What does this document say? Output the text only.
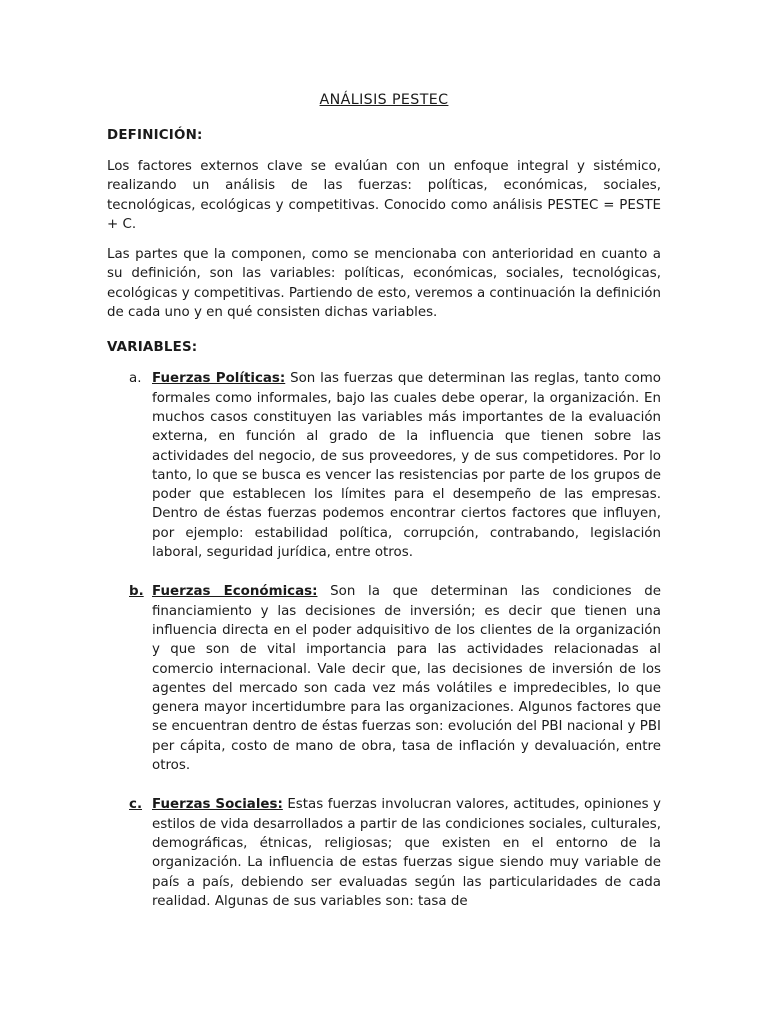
ANÁLISIS PESTEC
DEFINICIÓN:

Los factores externos clave se evalúan con un enfoque integral y sistémico, realizando un análisis de las fuerzas: políticas, económicas, sociales, tecnológicas, ecológicas y competitivas. Conocido como análisis PESTEC = PESTE + C.

Las partes que la componen, como se mencionaba con anterioridad en cuanto a su definición, son las variables: políticas, económicas, sociales, tecnológicas, ecológicas y competitivas. Partiendo de esto, veremos a continuación la definición de cada uno y en qué consisten dichas variables.

VARIABLES:
a. Fuerzas Políticas: Son las fuerzas que determinan las reglas, tanto como formales como informales, bajo las cuales debe operar, la organización. En muchos casos constituyen las variables más importantes de la evaluación externa, en función al grado de la influencia que tienen sobre las actividades del negocio, de sus proveedores, y de sus competidores. Por lo tanto, lo que se busca es vencer las resistencias por parte de los grupos de poder que establecen los límites para el desempeño de las empresas. Dentro de éstas fuerzas podemos encontrar ciertos factores que influyen, por ejemplo: estabilidad política, corrupción, contrabando, legislación laboral, seguridad jurídica, entre otros.
b. Fuerzas Económicas: Son la que determinan las condiciones de financiamiento y las decisiones de inversión; es decir que tienen una influencia directa en el poder adquisitivo de los clientes de la organización y que son de vital importancia para las actividades relacionadas al comercio internacional. Vale decir que, las decisiones de inversión de los agentes del mercado son cada vez más volátiles e impredecibles, lo que genera mayor incertidumbre para las organizaciones. Algunos factores que se encuentran dentro de éstas fuerzas son: evolución del PBI nacional y PBI per cápita, costo de mano de obra, tasa de inflación y devaluación, entre otros.
c. Fuerzas Sociales: Estas fuerzas involucran valores, actitudes, opiniones y estilos de vida desarrollados a partir de las condiciones sociales, culturales, demográficas, étnicas, religiosas; que existen en el entorno de la organización. La influencia de estas fuerzas sigue siendo muy variable de país a país, debiendo ser evaluadas según las particularidades de cada realidad. Algunas de sus variables son: tasa de
